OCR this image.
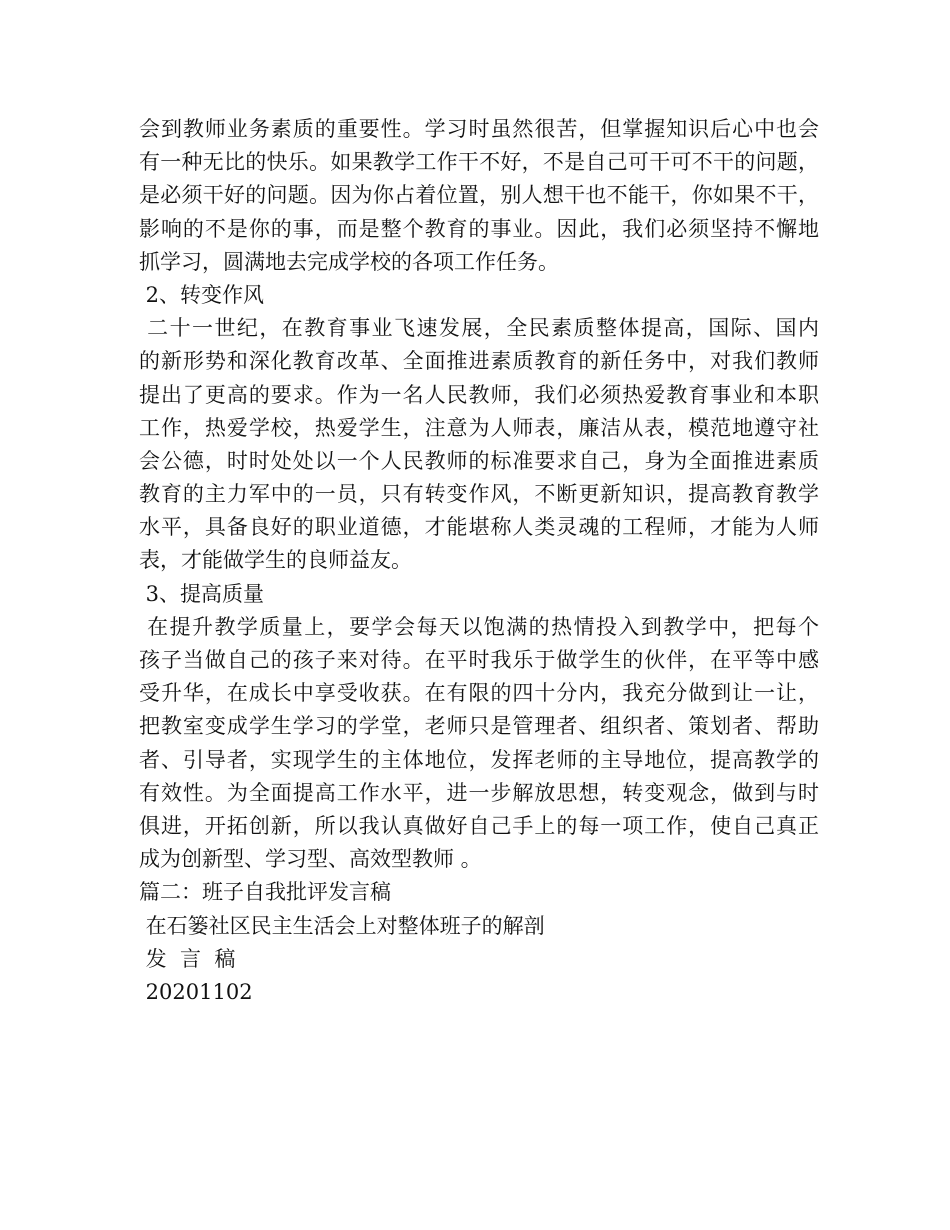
会到教师业务素质的重要性。学习时虽然很苦，但掌握知识后心中也会
有一种无比的快乐。如果教学工作干不好，不是自己可干可不干的问题，
是必须干好的问题。因为你占着位置，别人想干也不能干，你如果不干，
影响的不是你的事，而是整个教育的事业。因此，我们必须坚持不懈地
抓学习，圆满地去完成学校的各项工作任务。
2、转变作风
二十一世纪，在教育事业飞速发展，全民素质整体提高，国际、国内
的新形势和深化教育改革、全面推进素质教育的新任务中，对我们教师
提出了更高的要求。作为一名人民教师，我们必须热爱教育事业和本职
工作，热爱学校，热爱学生，注意为人师表，廉洁从表，模范地遵守社
会公德，时时处处以一个人民教师的标准要求自己，身为全面推进素质
教育的主力军中的一员，只有转变作风，不断更新知识，提高教育教学
水平，具备良好的职业道德，才能堪称人类灵魂的工程师，才能为人师
表，才能做学生的良师益友。
3、提高质量
在提升教学质量上，要学会每天以饱满的热情投入到教学中，把每个
孩子当做自己的孩子来对待。在平时我乐于做学生的伙伴，在平等中感
受升华，在成长中享受收获。在有限的四十分内，我充分做到让一让，
把教室变成学生学习的学堂，老师只是管理者、组织者、策划者、帮助
者、引导者，实现学生的主体地位，发挥老师的主导地位，提高教学的
有效性。为全面提高工作水平，进一步解放思想，转变观念，做到与时
俱进，开拓创新，所以我认真做好自己手上的每一项工作，使自己真正
成为创新型、学习型、高效型教师 。
篇二：班子自我批评发言稿
在石篓社区民主生活会上对整体班子的解剖
发  言  稿
20201102
